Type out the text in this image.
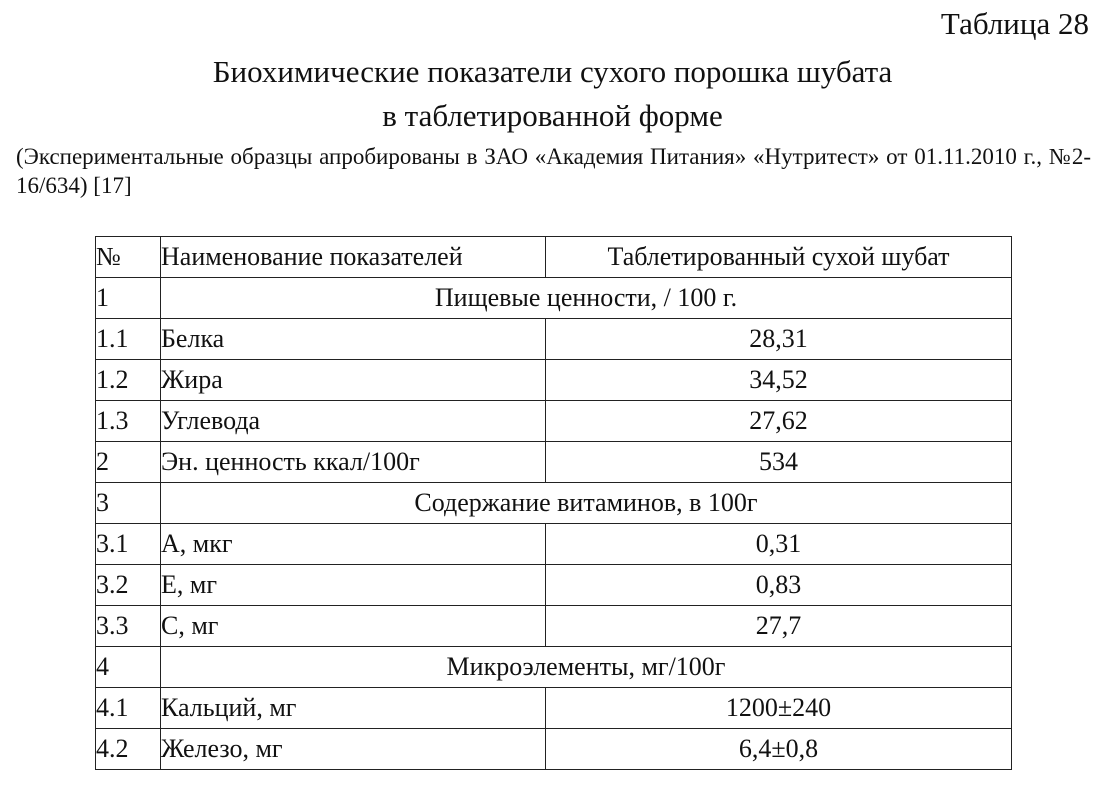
Таблица 28
Биохимические показатели сухого порошка шубата
в таблетированной форме
(Экспериментальные образцы апробированы в ЗАО «Академия Питания» «Нутритест» от 01.11.2010 г., №2-16/634) [17]
№	Наименование показателей	Таблетированный сухой шубат
1	Пищевые ценности, / 100 г.	
1.1	Белка	28,31
1.2	Жира	34,52
1.3	Углевода	27,62
2	Эн. ценность ккал/100г	534
3	Содержание витаминов, в 100г	
3.1	А, мкг	0,31
3.2	Е, мг	0,83
3.3	С, мг	27,7
4	Микроэлементы, мг/100г	
4.1	Кальций, мг	1200±240
4.2	Железо, мг	6,4±0,8
